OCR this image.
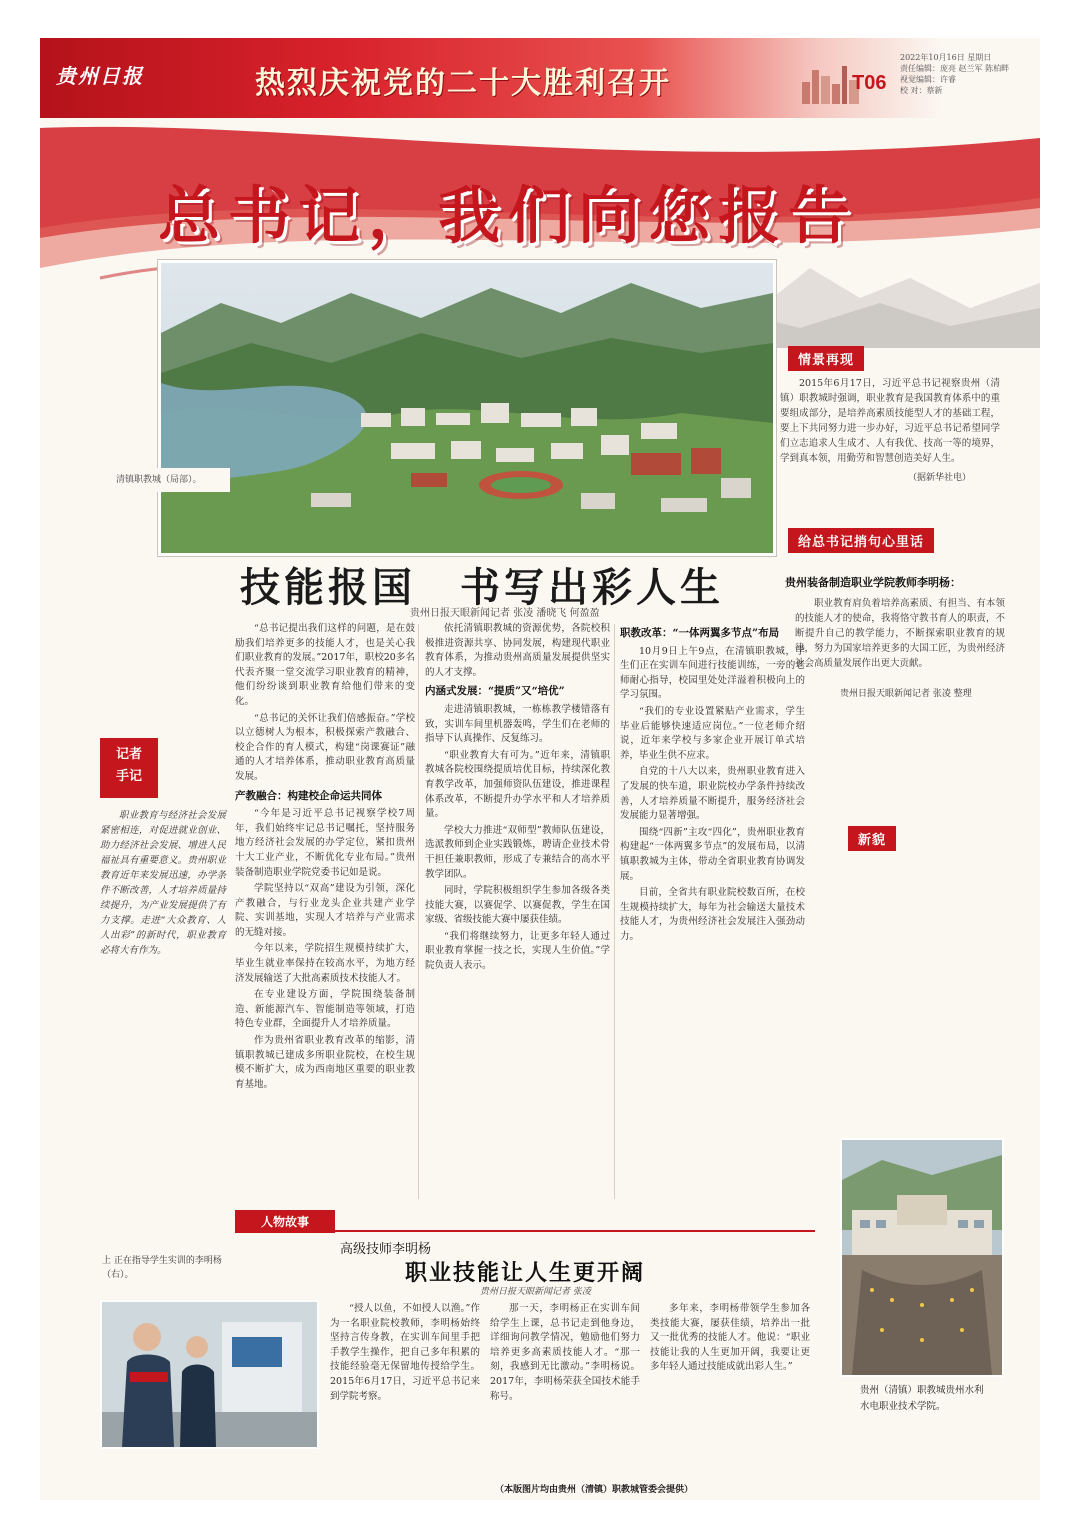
贵州日报	热烈庆祝党的二十大胜利召开	T06
2022年10月16日 星期日
责任编辑：庞亮 赵兰军 陈柏畔
视觉编辑：许睿
校 对：蔡新
总书记，我们向您报告
清镇职教城（局部）。
情景再现
2015年6月17日，习近平总书记视察贵州（清镇）职教城时强调，职业教育是我国教育体系中的重要组成部分，是培养高素质技能型人才的基础工程，要上下共同努力进一步办好，习近平总书记希望同学们立志追求人生成才、人有我优、技高一等的境界，学到真本领，用勤劳和智慧创造美好人生。
（据新华社电）
给总书记捎句心里话
贵州装备制造职业学院教师李明杨：
职业教育肩负着培养高素质、有担当、有本领的技能人才的使命，我将恪守教书育人的职责，不断提升自己的教学能力，不断探索职业教育的规律，努力为国家培养更多的大国工匠，为贵州经济社会高质量发展作出更大贡献。
贵州日报天眼新闻记者 张凌 整理
新貌
技能报国　书写出彩人生
贵州日报天眼新闻记者 张凌 潘晓飞 何盈盈

“总书记提出我们这样的问题，是在鼓励我们培养更多的技能人才，也是关心我们职业教育的发展。”2017年，职校20多名代表齐聚一堂交流学习职业教育的精神，他们纷纷谈到职业教育给他们带来的变化。

“总书记的关怀让我们倍感振奋。”学校以立德树人为根本，积极探索产教融合、校企合作的育人模式，构建“岗课赛证”融通的人才培养体系，推动职业教育高质量发展。

产教融合：构建校企命运共同体

“今年是习近平总书记视察学校7周年，我们始终牢记总书记嘱托，坚持服务地方经济社会发展的办学定位，紧扣贵州十大工业产业，不断优化专业布局。”贵州装备制造职业学院党委书记如是说。

学院坚持以“双高”建设为引领，深化产教融合，与行业龙头企业共建产业学院、实训基地，实现人才培养与产业需求的无缝对接。

今年以来，学院招生规模持续扩大，毕业生就业率保持在较高水平，为地方经济发展输送了大批高素质技术技能人才。

在专业建设方面，学院围绕装备制造、新能源汽车、智能制造等领域，打造特色专业群，全面提升人才培养质量。

作为贵州省职业教育改革的缩影，清镇职教城已建成多所职业院校，在校生规模不断扩大，成为西南地区重要的职业教育基地。

依托清镇职教城的资源优势，各院校积极推进资源共享、协同发展，构建现代职业教育体系，为推动贵州高质量发展提供坚实的人才支撑。

内涵式发展：“提质”又“培优”

走进清镇职教城，一栋栋教学楼错落有致，实训车间里机器轰鸣，学生们在老师的指导下认真操作、反复练习。

“职业教育大有可为。”近年来，清镇职教城各院校围绕提质培优目标，持续深化教育教学改革，加强师资队伍建设，推进课程体系改革，不断提升办学水平和人才培养质量。

学校大力推进“双师型”教师队伍建设，选派教师到企业实践锻炼，聘请企业技术骨干担任兼职教师，形成了专兼结合的高水平教学团队。

同时，学院积极组织学生参加各级各类技能大赛，以赛促学、以赛促教，学生在国家级、省级技能大赛中屡获佳绩。

“我们将继续努力，让更多年轻人通过职业教育掌握一技之长，实现人生价值。”学院负责人表示。

职教改革：“一体两翼多节点”布局

10月9日上午9点，在清镇职教城，学生们正在实训车间进行技能训练，一旁的老师耐心指导，校园里处处洋溢着积极向上的学习氛围。

“我们的专业设置紧贴产业需求，学生毕业后能够快速适应岗位。”一位老师介绍说，近年来学校与多家企业开展订单式培养，毕业生供不应求。

自党的十八大以来，贵州职业教育进入了发展的快车道，职业院校办学条件持续改善，人才培养质量不断提升，服务经济社会发展能力显著增强。

围绕“四新”主攻“四化”，贵州职业教育构建起“一体两翼多节点”的发展布局，以清镇职教城为主体，带动全省职业教育协调发展。

目前，全省共有职业院校数百所，在校生规模持续扩大，每年为社会输送大量技术技能人才，为贵州经济社会发展注入强劲动力。

记者
手记
职业教育与经济社会发展紧密相连，对促进就业创业、助力经济社会发展、增进人民福祉具有重要意义。贵州职业教育近年来发展迅速，办学条件不断改善，人才培养质量持续提升，为产业发展提供了有力支撑。走进“大众教育、人人出彩”的新时代，职业教育必将大有作为。
贵州（清镇）职教城贵州水利水电职业技术学院。
人物故事
高级技师李明杨
职业技能让人生更开阔
贵州日报天眼新闻记者 张凌
上 正在指导学生实训的李明杨（右）。

“授人以鱼，不如授人以渔。”作为一名职业院校教师，李明杨始终坚持言传身教，在实训车间里手把手教学生操作，把自己多年积累的技能经验毫无保留地传授给学生。2015年6月17日，习近平总书记来到学院考察。

那一天，李明杨正在实训车间给学生上课，总书记走到他身边，详细询问教学情况，勉励他们努力培养更多高素质技能人才。“那一刻，我感到无比激动。”李明杨说。2017年，李明杨荣获全国技术能手称号。

多年来，李明杨带领学生参加各类技能大赛，屡获佳绩，培养出一批又一批优秀的技能人才。他说：“职业技能让我的人生更加开阔，我要让更多年轻人通过技能成就出彩人生。”

（本版图片均由贵州（清镇）职教城管委会提供）
